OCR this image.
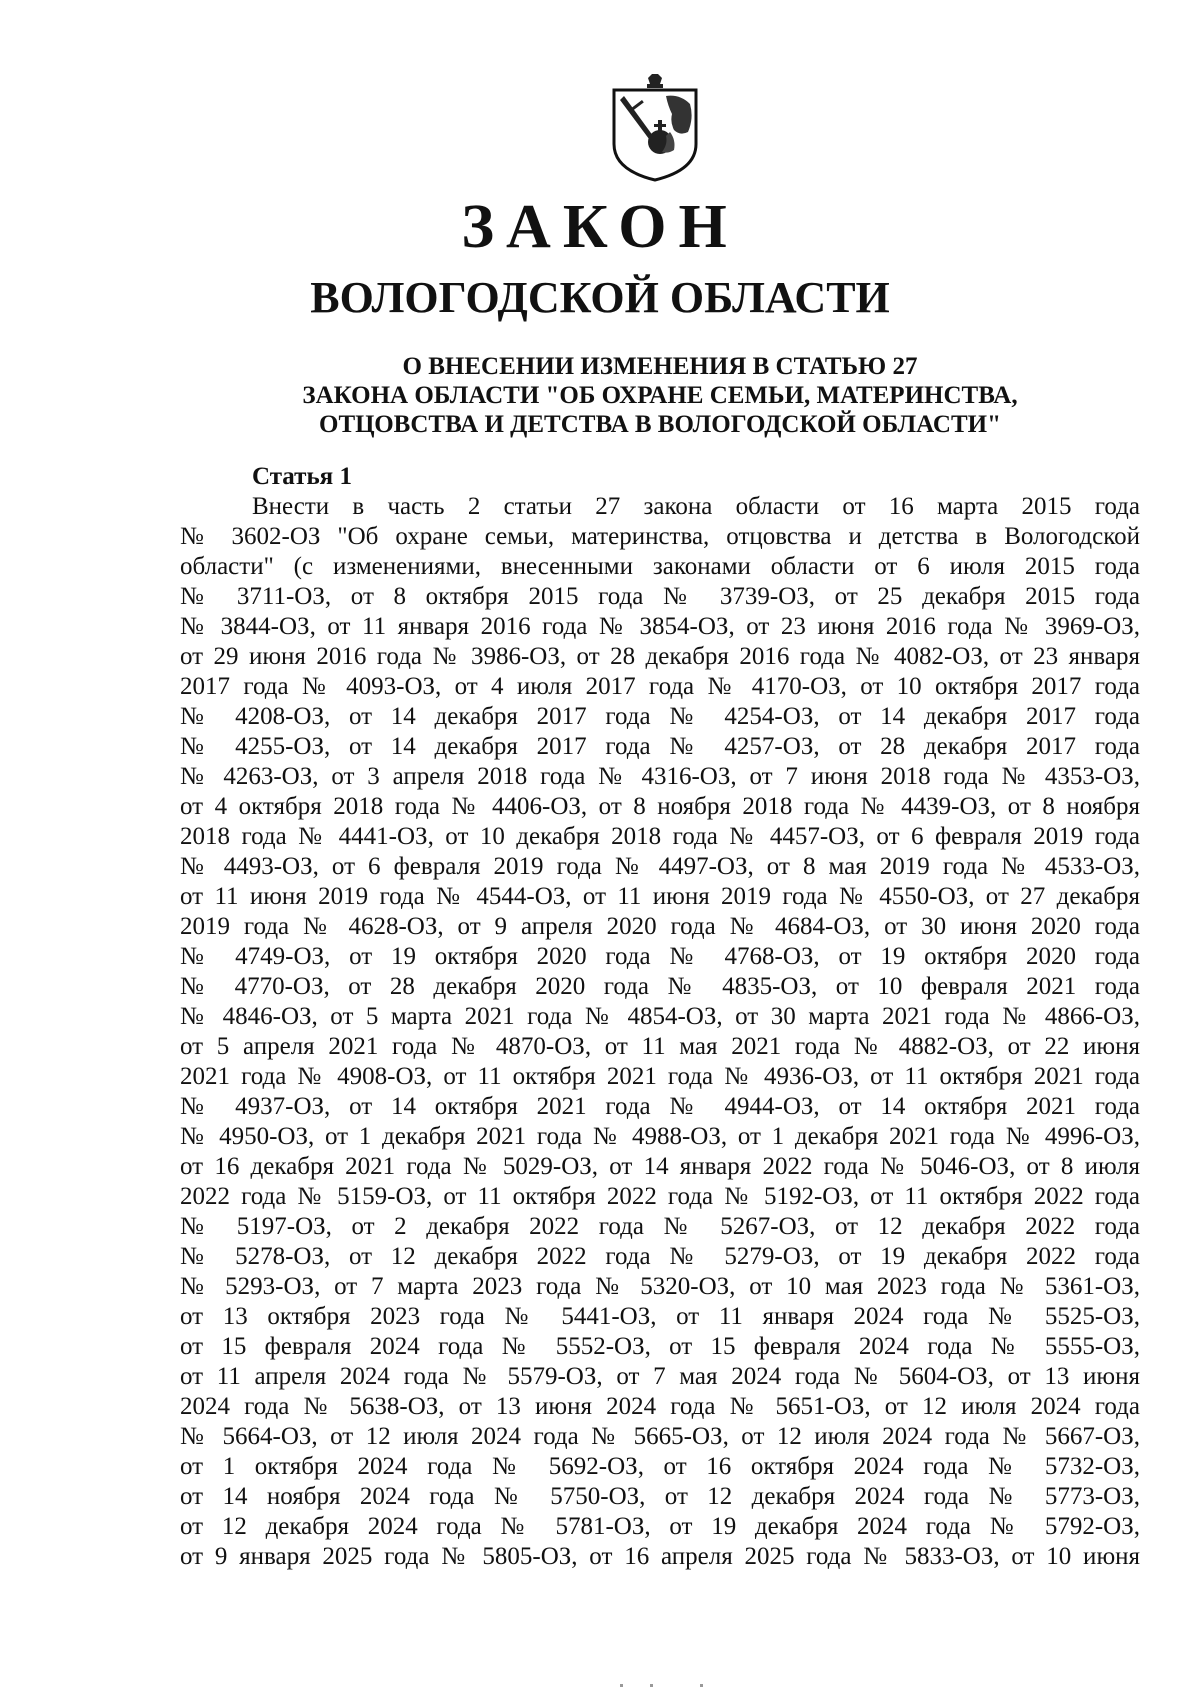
ЗАКОН
ВОЛОГОДСКОЙ ОБЛАСТИ
О ВНЕСЕНИИ ИЗМЕНЕНИЯ В СТАТЬЮ 27
ЗАКОНА ОБЛАСТИ "ОБ ОХРАНЕ СЕМЬИ, МАТЕРИНСТВА,
ОТЦОВСТВА И ДЕТСТВА В ВОЛОГОДСКОЙ ОБЛАСТИ"
Статья 1
Внести в часть 2 статьи 27 закона области от 16 марта 2015 года
№ 3602-ОЗ "Об охране семьи, материнства, отцовства и детства в Вологодской
области" (с изменениями, внесенными законами области от 6 июля 2015 года
№ 3711-ОЗ, от 8 октября 2015 года № 3739-ОЗ, от 25 декабря 2015 года
№ 3844-ОЗ, от 11 января 2016 года № 3854-ОЗ, от 23 июня 2016 года № 3969-ОЗ,
от 29 июня 2016 года № 3986-ОЗ, от 28 декабря 2016 года № 4082-ОЗ, от 23 января
2017 года № 4093-ОЗ, от 4 июля 2017 года № 4170-ОЗ, от 10 октября 2017 года
№ 4208-ОЗ, от 14 декабря 2017 года № 4254-ОЗ, от 14 декабря 2017 года
№ 4255-ОЗ, от 14 декабря 2017 года № 4257-ОЗ, от 28 декабря 2017 года
№ 4263-ОЗ, от 3 апреля 2018 года № 4316-ОЗ, от 7 июня 2018 года № 4353-ОЗ,
от 4 октября 2018 года № 4406-ОЗ, от 8 ноября 2018 года № 4439-ОЗ, от 8 ноября
2018 года № 4441-ОЗ, от 10 декабря 2018 года № 4457-ОЗ, от 6 февраля 2019 года
№ 4493-ОЗ, от 6 февраля 2019 года № 4497-ОЗ, от 8 мая 2019 года № 4533-ОЗ,
от 11 июня 2019 года № 4544-ОЗ, от 11 июня 2019 года № 4550-ОЗ, от 27 декабря
2019 года № 4628-ОЗ, от 9 апреля 2020 года № 4684-ОЗ, от 30 июня 2020 года
№ 4749-ОЗ, от 19 октября 2020 года № 4768-ОЗ, от 19 октября 2020 года
№ 4770-ОЗ, от 28 декабря 2020 года № 4835-ОЗ, от 10 февраля 2021 года
№ 4846-ОЗ, от 5 марта 2021 года № 4854-ОЗ, от 30 марта 2021 года № 4866-ОЗ,
от 5 апреля 2021 года № 4870-ОЗ, от 11 мая 2021 года № 4882-ОЗ, от 22 июня
2021 года № 4908-ОЗ, от 11 октября 2021 года № 4936-ОЗ, от 11 октября 2021 года
№ 4937-ОЗ, от 14 октября 2021 года № 4944-ОЗ, от 14 октября 2021 года
№ 4950-ОЗ, от 1 декабря 2021 года № 4988-ОЗ, от 1 декабря 2021 года № 4996-ОЗ,
от 16 декабря 2021 года № 5029-ОЗ, от 14 января 2022 года № 5046-ОЗ, от 8 июля
2022 года № 5159-ОЗ, от 11 октября 2022 года № 5192-ОЗ, от 11 октября 2022 года
№ 5197-ОЗ, от 2 декабря 2022 года № 5267-ОЗ, от 12 декабря 2022 года
№ 5278-ОЗ, от 12 декабря 2022 года № 5279-ОЗ, от 19 декабря 2022 года
№ 5293-ОЗ, от 7 марта 2023 года № 5320-ОЗ, от 10 мая 2023 года № 5361-ОЗ,
от 13 октября 2023 года № 5441-ОЗ, от 11 января 2024 года № 5525-ОЗ,
от 15 февраля 2024 года № 5552-ОЗ, от 15 февраля 2024 года № 5555-ОЗ,
от 11 апреля 2024 года № 5579-ОЗ, от 7 мая 2024 года № 5604-ОЗ, от 13 июня
2024 года № 5638-ОЗ, от 13 июня 2024 года № 5651-ОЗ, от 12 июля 2024 года
№ 5664-ОЗ, от 12 июля 2024 года № 5665-ОЗ, от 12 июля 2024 года № 5667-ОЗ,
от 1 октября 2024 года № 5692-ОЗ, от 16 октября 2024 года № 5732-ОЗ,
от 14 ноября 2024 года № 5750-ОЗ, от 12 декабря 2024 года № 5773-ОЗ,
от 12 декабря 2024 года № 5781-ОЗ, от 19 декабря 2024 года № 5792-ОЗ,
от 9 января 2025 года № 5805-ОЗ, от 16 апреля 2025 года № 5833-ОЗ, от 10 июня
